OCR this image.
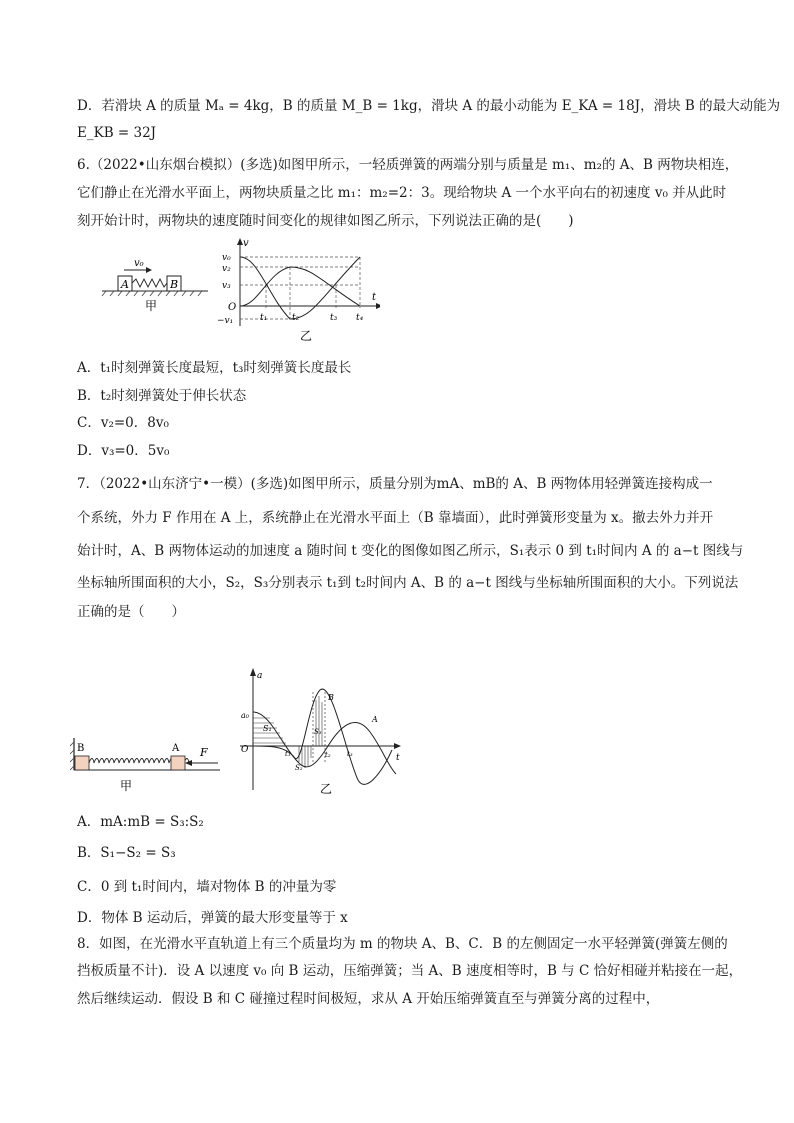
D．若滑块 A 的质量 Mₐ = 4kg，B 的质量 M_B = 1kg，滑块 A 的最小动能为 E_KA = 18J，滑块 B 的最大动能为
E_KB = 32J
6.（2022•山东烟台模拟）(多选)如图甲所示，一轻质弹簧的两端分别与质量是 m₁、m₂的 A、B 两物块相连，
它们静止在光滑水平面上，两物块质量之比 m₁：m₂=2：3。现给物块 A 一个水平向右的初速度 v₀ 并从此时
刻开始计时，两物块的速度随时间变化的规律如图乙所示，下列说法正确的是(　　)
A	B
v₀
甲
v
t
O
v₀
v₂
v₃
−v₁	t₁	t₂	t₃ t₄
乙
A．t₁时刻弹簧长度最短，t₃时刻弹簧长度最长
B．t₂时刻弹簧处于伸长状态
C．v₂=0．8v₀
D．v₃=0．5v₀
7．（2022•山东济宁•一模）(多选)如图甲所示，质量分别为mA、mB的 A、B 两物体用轻弹簧连接构成一
个系统，外力 F 作用在 A 上，系统静止在光滑水平面上（B 靠墙面），此时弹簧形变量为 x。撤去外力并开
始计时，A、B 两物体运动的加速度 a 随时间 t 变化的图像如图乙所示，S₁表示 0 到 t₁时间内 A 的 a−t 图线与
坐标轴所围面积的大小，S₂，S₃分别表示 t₁到 t₂时间内 A、B 的 a−t 图线与坐标轴所围面积的大小。下列说法
正确的是（　　）
B	A F
甲
a
t
O
a₀
S₁
S₂
S₃
B
A
t₁	t₂ t₃
乙
A．mA:mB = S₃:S₂
B．S₁−S₂ = S₃
C．0 到 t₁时间内，墙对物体 B 的冲量为零
D．物体 B 运动后，弹簧的最大形变量等于 x
8．如图，在光滑水平直轨道上有三个质量均为 m 的物块 A、B、C．B 的左侧固定一水平轻弹簧(弹簧左侧的
挡板质量不计)．设 A 以速度 v₀ 向 B 运动，压缩弹簧；当 A、B 速度相等时，B 与 C 恰好相碰并粘接在一起，
然后继续运动．假设 B 和 C 碰撞过程时间极短，求从 A 开始压缩弹簧直至与弹簧分离的过程中，
